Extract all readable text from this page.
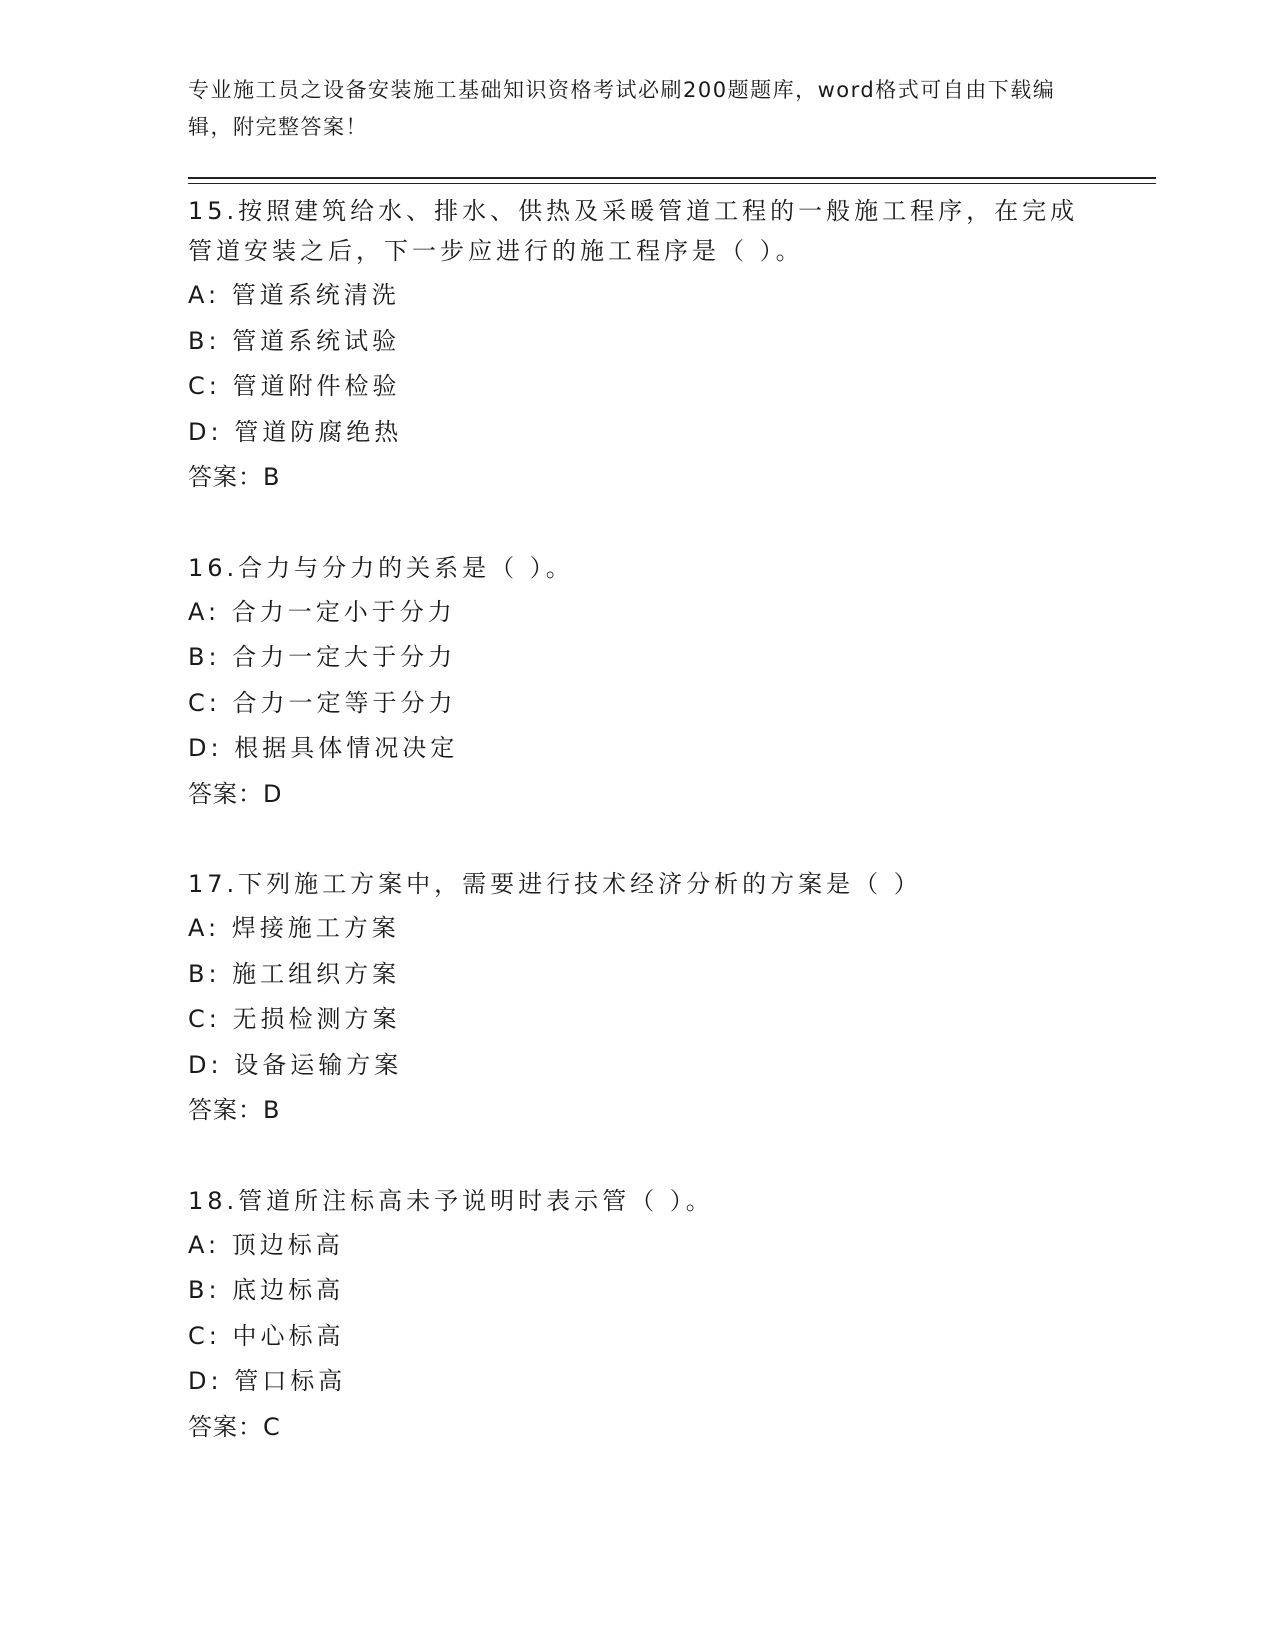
专业施工员之设备安装施工基础知识资格考试必刷200题题库，word格式可自由下载编辑，附完整答案！
15.按照建筑给水、排水、供热及采暖管道工程的一般施工程序，在完成管道安装之后，下一步应进行的施工程序是（ ）。
A: 管道系统清洗
B: 管道系统试验
C: 管道附件检验
D: 管道防腐绝热
答案：B
16.合力与分力的关系是（ ）。
A: 合力一定小于分力
B: 合力一定大于分力
C: 合力一定等于分力
D: 根据具体情况决定
答案：D
17.下列施工方案中，需要进行技术经济分析的方案是（ ）
A: 焊接施工方案
B: 施工组织方案
C: 无损检测方案
D: 设备运输方案
答案：B
18.管道所注标高未予说明时表示管（ ）。
A: 顶边标高
B: 底边标高
C: 中心标高
D: 管口标高
答案：C
